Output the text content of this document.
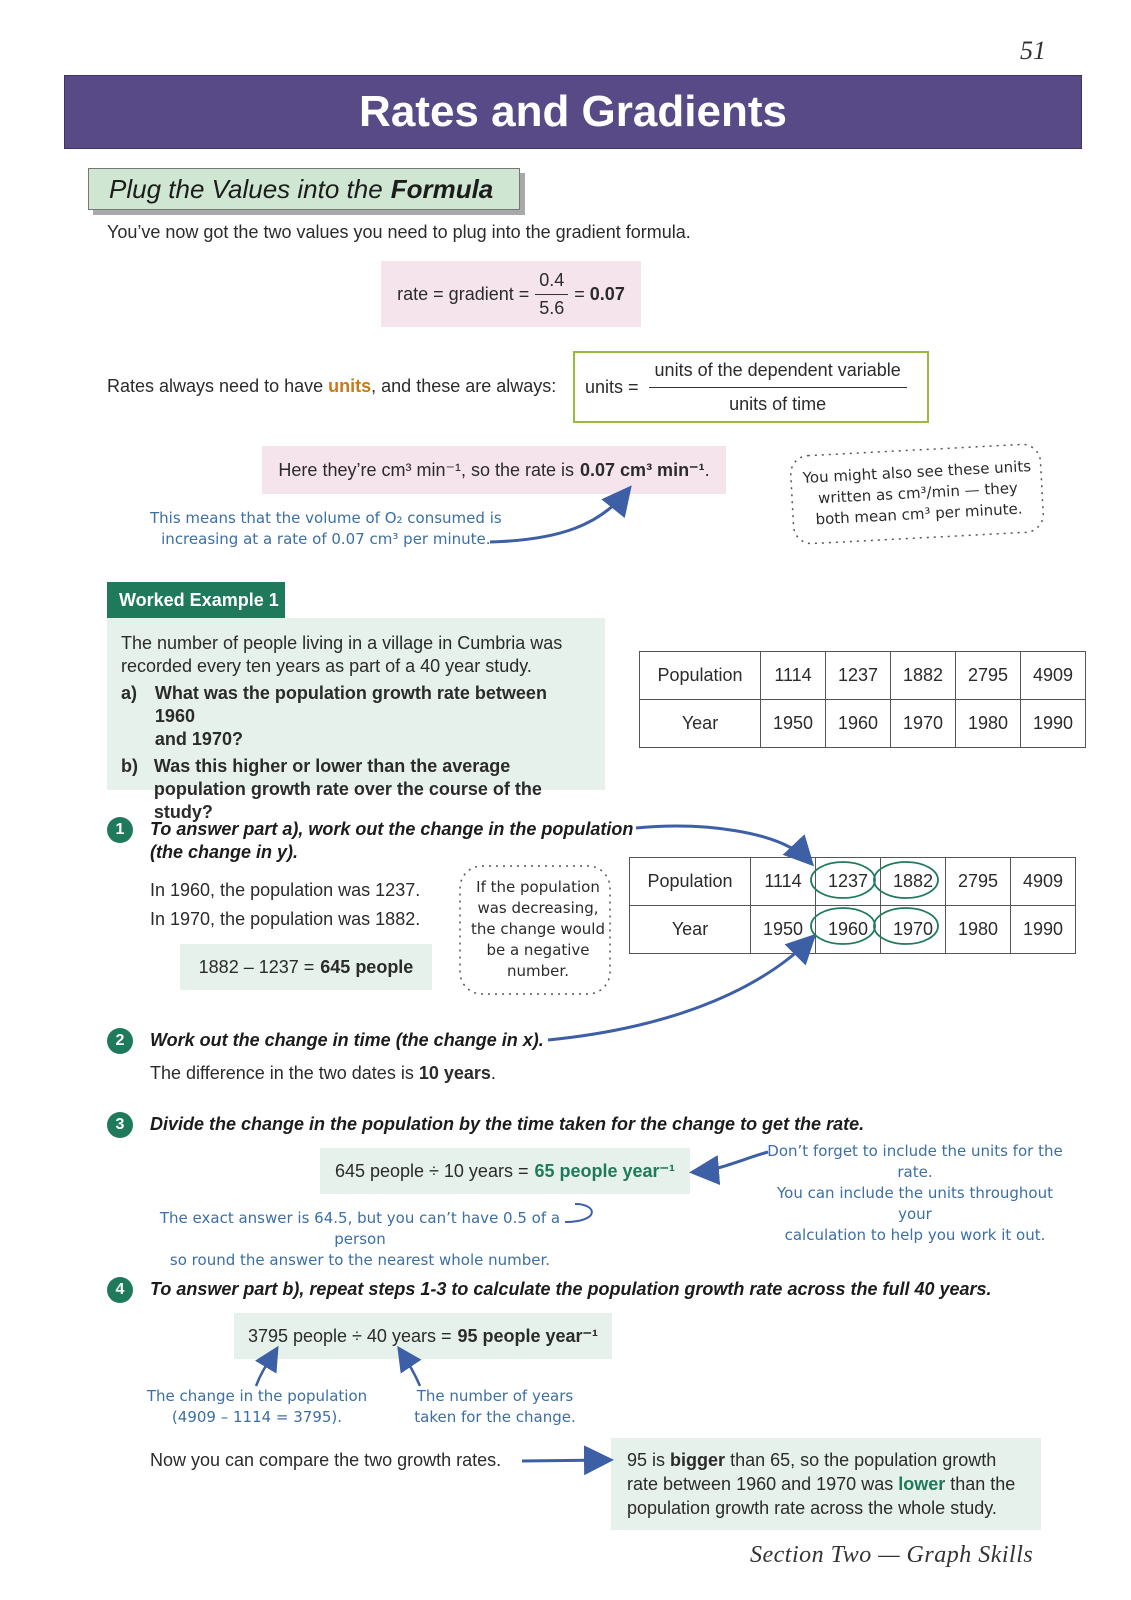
51
Rates and Gradients
Plug the Values into the Formula
You’ve now got the two values you need to plug into the gradient formula.
rate = gradient = $\frac{0.4}{5.6} = 0.07$
Rates always need to have units, and these are always: units = $\frac{\text{units of the dependent variable}}{\text{units of time}}$
Here they’re cm³ min⁻¹, so the rate is 0.07 cm³ min⁻¹ .
This means that the volume of O₂ consumed is
increasing at a rate of 0.07 cm³ per minute.
You might also see these units
written as cm³/min — they
both mean cm³ per minute.
Worked Example 1
The number of people living in a village in Cumbria was
recorded every ten years as part of a 40 year study.
a) What was the population growth rate between 1960
and 1970?
b) Was this higher or lower than the average
population growth rate over the course of the study?
Population	1114	1237	1882	2795	4909
Year	1950	1960	1970	1980	1990
1	To answer part a), work out the change in the population
(the change in y).
In 1960, the population was 1237.
In 1970, the population was 1882.
1882 – 1237 = 645 people
If the population
was decreasing,
the change would
be a negative
number.
Population	1114	1237	1882	2795	4909
Year	1950	1960	1970	1980	1990
2	Work out the change in time (the change in x).
The difference in the two dates is 10 years.
3	Divide the change in the population by the time taken for the change to get the rate.
645 people ÷ 10 years = 65 people year⁻¹
Don’t forget to include the units for the rate.
You can include the units throughout your
calculation to help you work it out.
The exact answer is 64.5, but you can’t have 0.5 of a person
so round the answer to the nearest whole number.
4	To answer part b), repeat steps 1-3 to calculate the population growth rate across the full 40 years.
3795 people ÷ 40 years = 95 people year⁻¹
The change in the population
(4909 – 1114 = 3795).
The number of years
taken for the change.
Now you can compare the two growth rates.	95 is bigger than 65, so the population growth rate between 1960 and 1970 was lower than the population growth rate across the whole study.
Section Two — Graph Skills
